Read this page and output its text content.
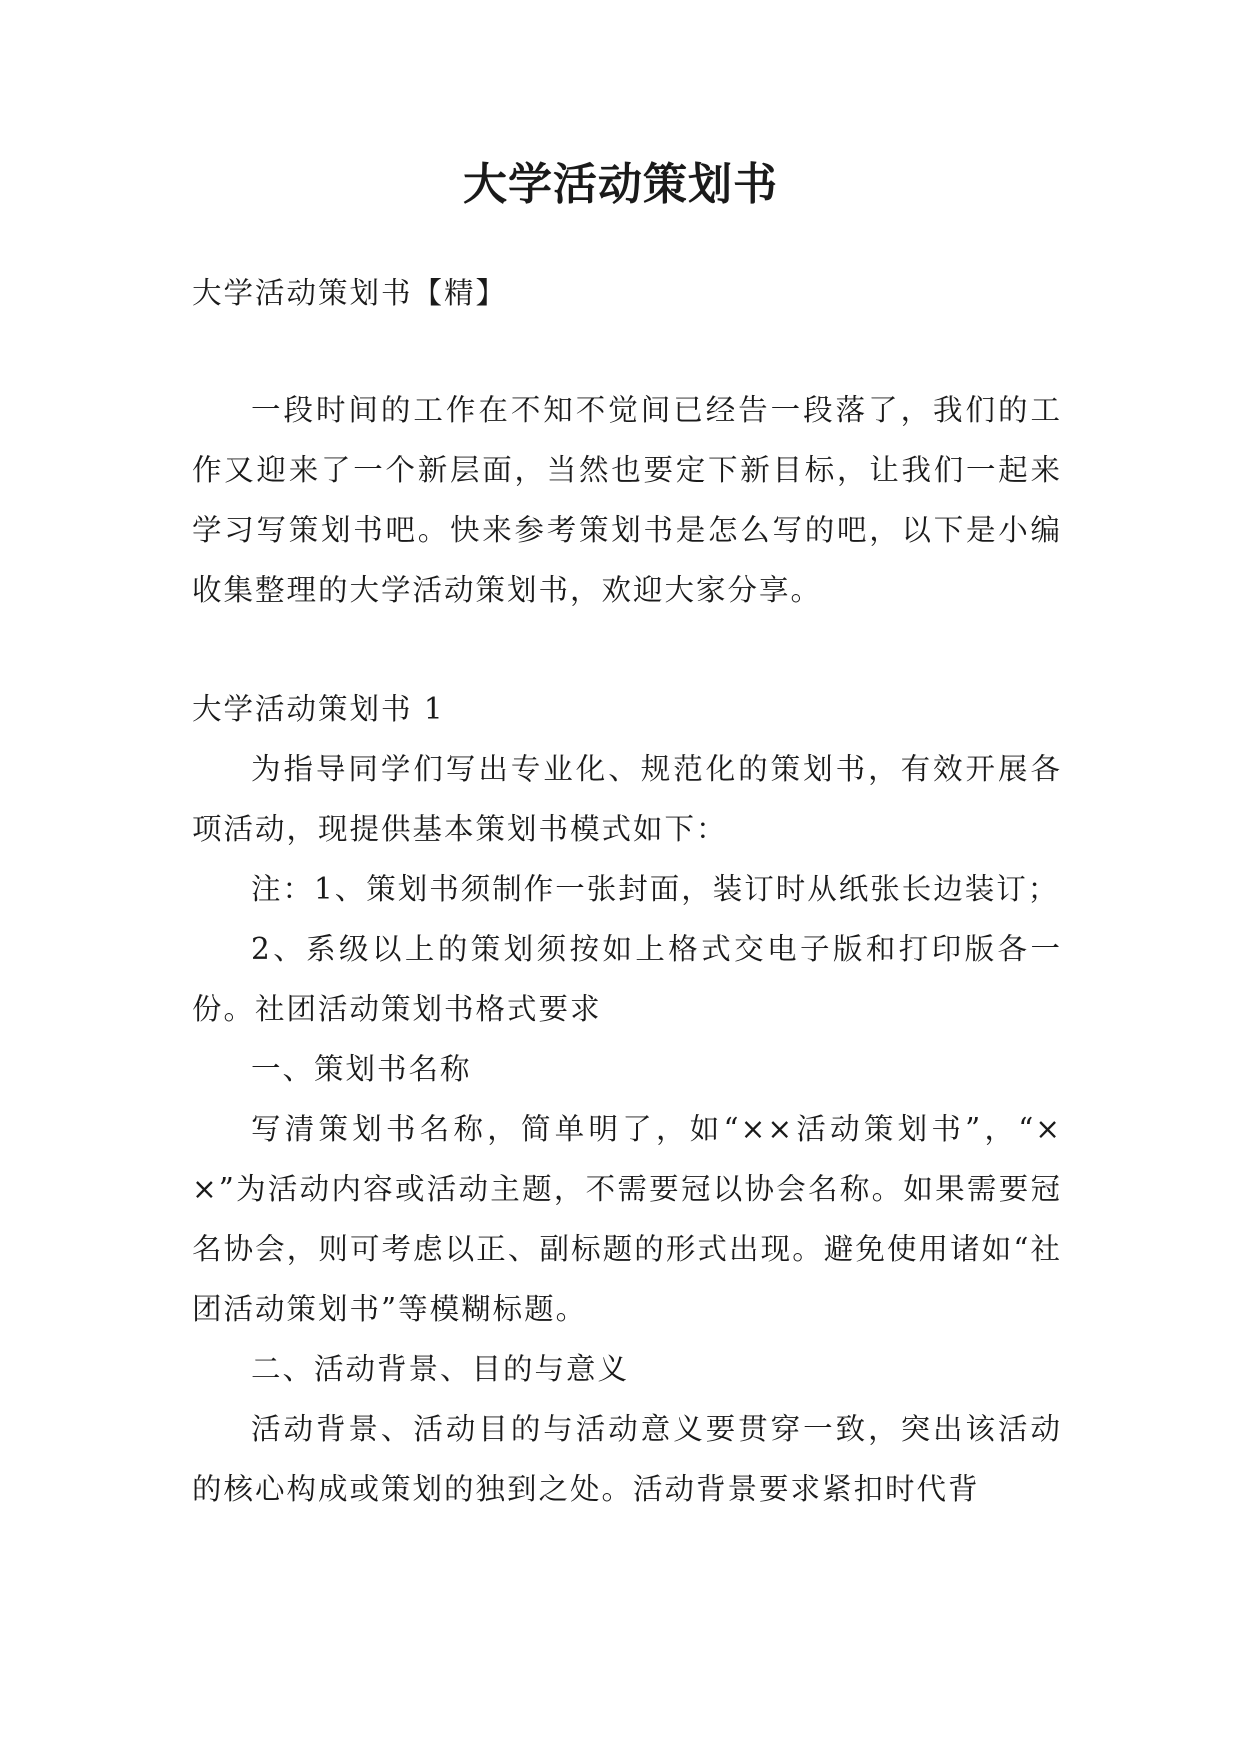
大学活动策划书

大学活动策划书【精】

一段时间的工作在不知不觉间已经告一段落了，我们的工作又迎来了一个新层面，当然也要定下新目标，让我们一起来学习写策划书吧。快来参考策划书是怎么写的吧，以下是小编收集整理的大学活动策划书，欢迎大家分享。

大学活动策划书 1

为指导同学们写出专业化、规范化的策划书，有效开展各项活动，现提供基本策划书模式如下：

注：1、策划书须制作一张封面，装订时从纸张长边装订；

2、系级以上的策划须按如上格式交电子版和打印版各一份。社团活动策划书格式要求

一、策划书名称

写清策划书名称，简单明了，如“××活动策划书”，“××”为活动内容或活动主题，不需要冠以协会名称。如果需要冠名协会，则可考虑以正、副标题的形式出现。避免使用诸如“社团活动策划书”等模糊标题。

二、活动背景、目的与意义

活动背景、活动目的与活动意义要贯穿一致，突出该活动的核心构成或策划的独到之处。活动背景要求紧扣时代背
